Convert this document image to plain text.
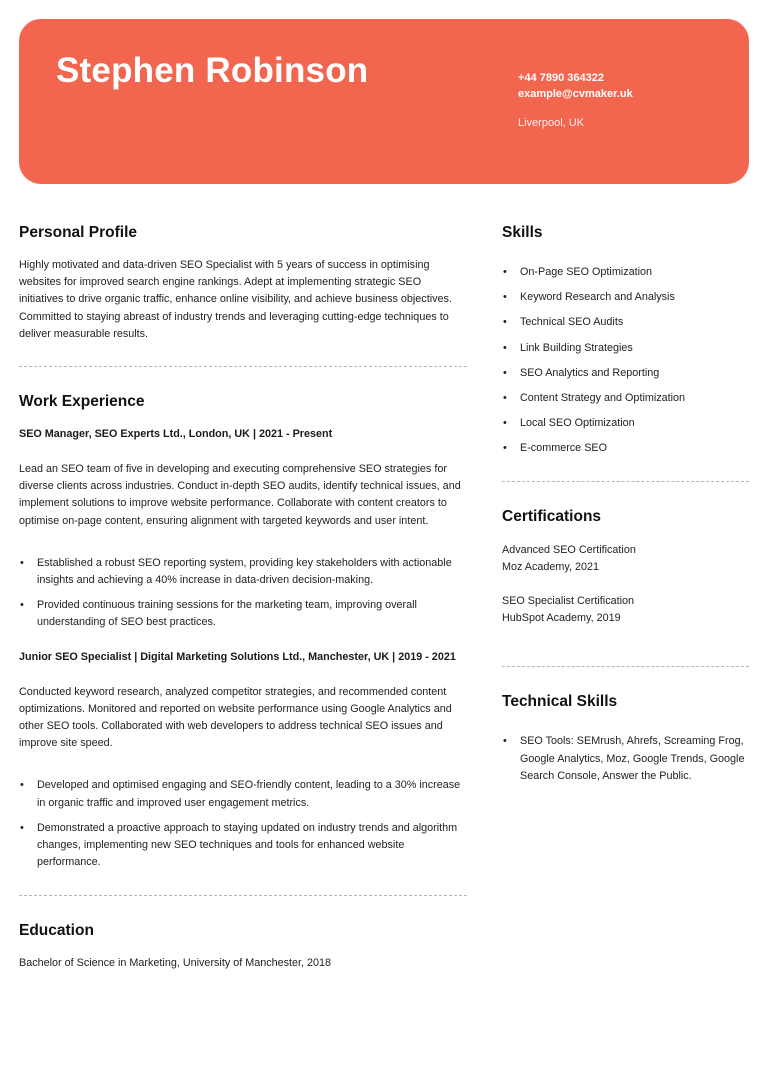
Stephen Robinson	+44 7890 364322
example@cvmaker.uk
Liverpool, UK
Personal Profile

Highly motivated and data-driven SEO Specialist with 5 years of success in optimising websites for improved search engine rankings. Adept at implementing strategic SEO initiatives to drive organic traffic, enhance online visibility, and achieve business objectives. Committed to staying abreast of industry trends and leveraging cutting-edge techniques to deliver measurable results.

Work Experience
SEO Manager, SEO Experts Ltd., London, UK | 2021 - Present

Lead an SEO team of five in developing and executing comprehensive SEO strategies for diverse clients across industries. Conduct in-depth SEO audits, identify technical issues, and implement solutions to improve website performance. Collaborate with content creators to optimise on-page content, ensuring alignment with targeted keywords and user intent.

• Established a robust SEO reporting system, providing key stakeholders with actionable insights and achieving a 40% increase in data-driven decision-making.
• Provided continuous training sessions for the marketing team, improving overall understanding of SEO best practices.
Junior SEO Specialist | Digital Marketing Solutions Ltd., Manchester, UK | 2019 - 2021

Conducted keyword research, analyzed competitor strategies, and recommended content optimizations. Monitored and reported on website performance using Google Analytics and other SEO tools. Collaborated with web developers to address technical SEO issues and improve site speed.

• Developed and optimised engaging and SEO-friendly content, leading to a 30% increase in organic traffic and improved user engagement metrics.
• Demonstrated a proactive approach to staying updated on industry trends and algorithm changes, implementing new SEO techniques and tools for enhanced website performance.
Education

Bachelor of Science in Marketing, University of Manchester, 2018

Skills
• On-Page SEO Optimization
• Keyword Research and Analysis
• Technical SEO Audits
• Link Building Strategies
• SEO Analytics and Reporting
• Content Strategy and Optimization
• Local SEO Optimization
• E-commerce SEO
Certifications

Advanced SEO Certification

Moz Academy, 2021

SEO Specialist Certification

HubSpot Academy, 2019

Technical Skills
• SEO Tools: SEMrush, Ahrefs, Screaming Frog, Google Analytics, Moz, Google Trends, Google Search Console, Answer the Public.
